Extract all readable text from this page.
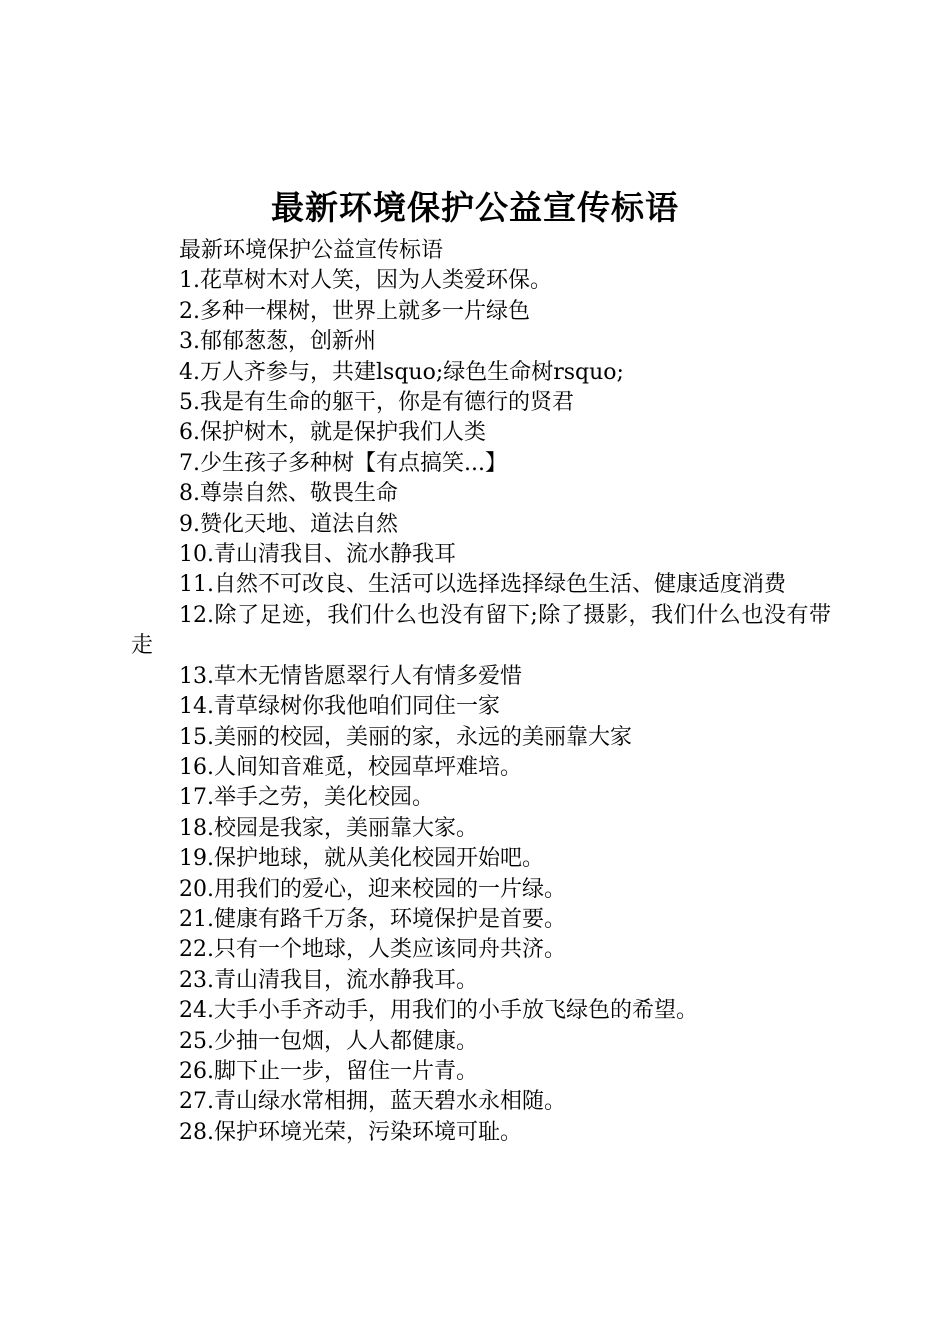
最新环境保护公益宣传标语

最新环境保护公益宣传标语

1.花草树木对人笑，因为人类爱环保。

2.多种一棵树，世界上就多一片绿色

3.郁郁葱葱，创新州

4.万人齐参与，共建lsquo;绿色生命树rsquo;

5.我是有生命的躯干，你是有德行的贤君

6.保护树木，就是保护我们人类

7.少生孩子多种树【有点搞笑...】

8.尊崇自然、敬畏生命

9.赞化天地、道法自然

10.青山清我目、流水静我耳

11.自然不可改良、生活可以选择选择绿色生活、健康适度消费

12.除了足迹，我们什么也没有留下;除了摄影，我们什么也没有带走

13.草木无情皆愿翠行人有情多爱惜

14.青草绿树你我他咱们同住一家

15.美丽的校园，美丽的家，永远的美丽靠大家

16.人间知音难觅，校园草坪难培。

17.举手之劳，美化校园。

18.校园是我家，美丽靠大家。

19.保护地球，就从美化校园开始吧。

20.用我们的爱心，迎来校园的一片绿。

21.健康有路千万条，环境保护是首要。

22.只有一个地球，人类应该同舟共济。

23.青山清我目，流水静我耳。

24.大手小手齐动手，用我们的小手放飞绿色的希望。

25.少抽一包烟，人人都健康。

26.脚下止一步，留住一片青。

27.青山绿水常相拥，蓝天碧水永相随。

28.保护环境光荣，污染环境可耻。
